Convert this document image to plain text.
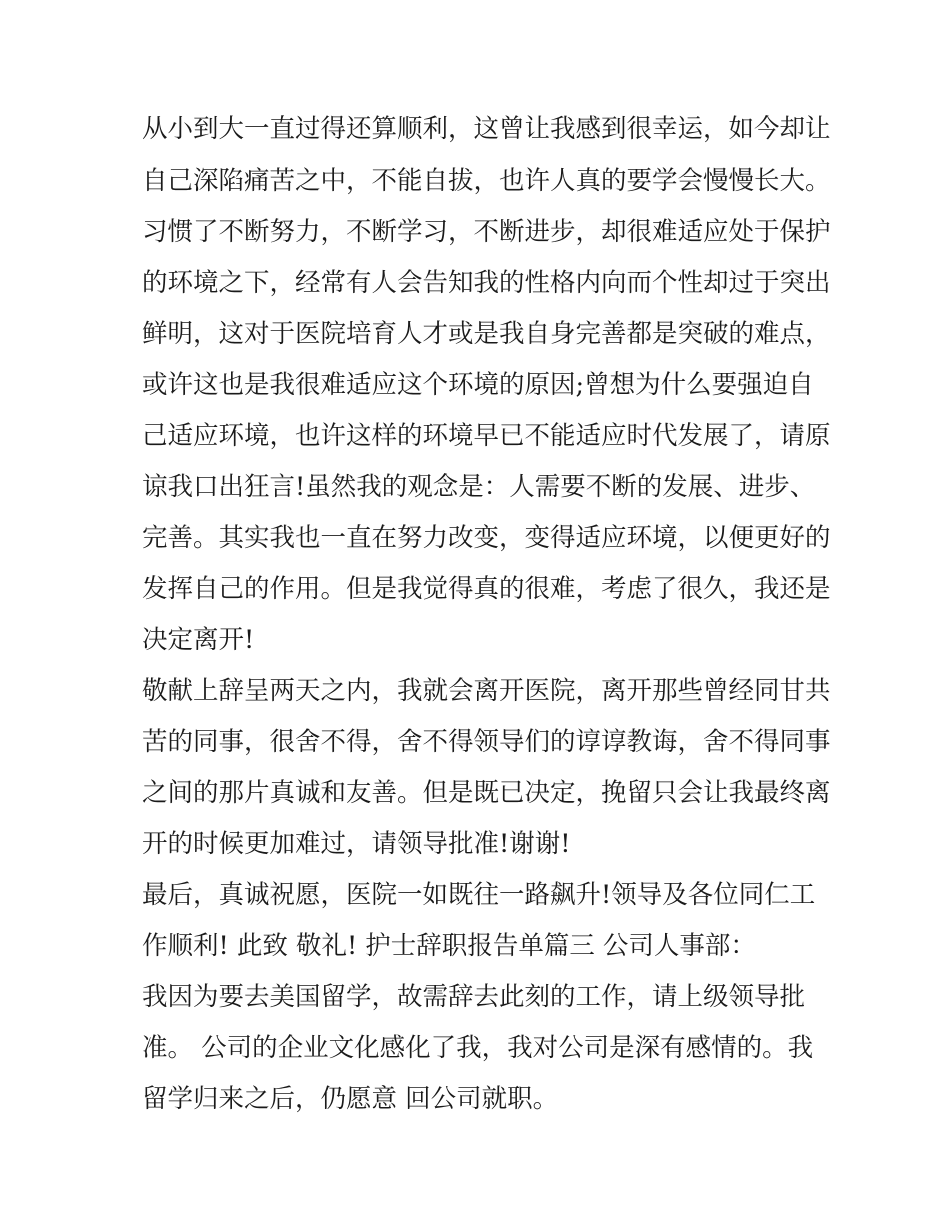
从小到大一直过得还算顺利，这曾让我感到很幸运，如今却让
自己深陷痛苦之中，不能自拔，也许人真的要学会慢慢长大。
习惯了不断努力，不断学习，不断进步，却很难适应处于保护
的环境之下，经常有人会告知我的性格内向而个性却过于突出
鲜明，这对于医院培育人才或是我自身完善都是突破的难点，
或许这也是我很难适应这个环境的原因;曾想为什么要强迫自
己适应环境，也许这样的环境早已不能适应时代发展了，请原
谅我口出狂言!虽然我的观念是：人需要不断的发展、进步、
完善。其实我也一直在努力改变，变得适应环境，以便更好的
发挥自己的作用。但是我觉得真的很难，考虑了很久，我还是
决定离开!
敬献上辞呈两天之内，我就会离开医院，离开那些曾经同甘共
苦的同事，很舍不得，舍不得领导们的谆谆教诲，舍不得同事
之间的那片真诚和友善。但是既已决定，挽留只会让我最终离
开的时候更加难过，请领导批准!谢谢!
最后，真诚祝愿，医院一如既往一路飙升!领导及各位同仁工
作顺利! 此致 敬礼! 护士辞职报告单篇三 公司人事部：
我因为要去美国留学，故需辞去此刻的工作，请上级领导批
准。 公司的企业文化感化了我，我对公司是深有感情的。我
留学归来之后，仍愿意 回公司就职。
